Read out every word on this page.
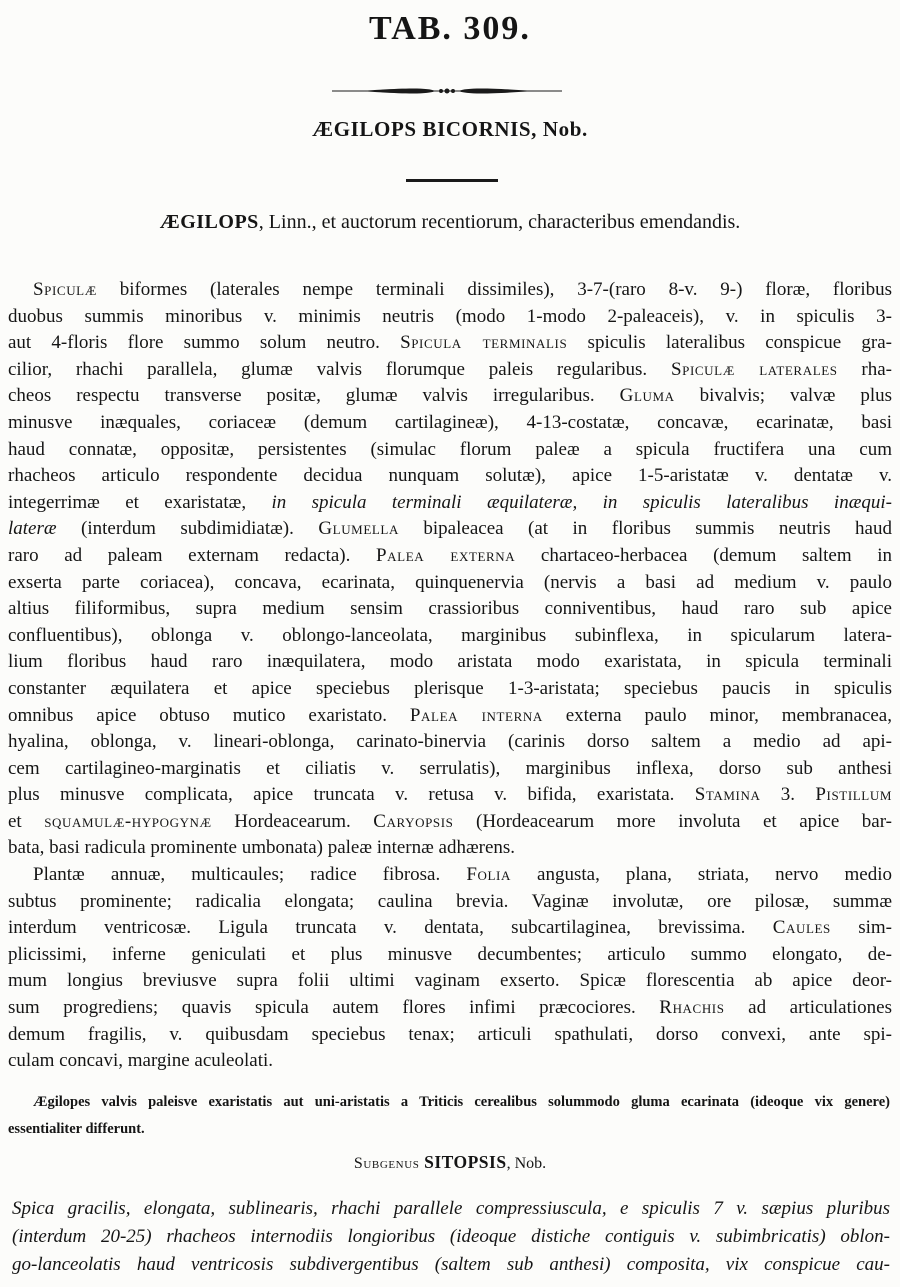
TAB. 309.
ÆGILOPS BICORNIS, Nob.

ÆGILOPS, Linn., et auctorum recentiorum, characteribus emendandis.

Spiculæ biformes (laterales nempe terminali dissimiles), 3-7-(raro 8-v. 9-) floræ, floribus
duobus summis minoribus v. minimis neutris (modo 1-modo 2-paleaceis), v. in spiculis 3-
aut 4-floris flore summo solum neutro. Spicula terminalis spiculis lateralibus conspicue gra-
cilior, rhachi parallela, glumæ valvis florumque paleis regularibus. Spiculæ laterales rha-
cheos respectu transverse positæ, glumæ valvis irregularibus. Gluma bivalvis; valvæ plus
minusve inæquales, coriaceæ (demum cartilagineæ), 4-13-costatæ, concavæ, ecarinatæ, basi
haud connatæ, oppositæ, persistentes (simulac florum paleæ a spicula fructifera una cum
rhacheos articulo respondente decidua nunquam solutæ), apice 1-5-aristatæ v. dentatæ v.
integerrimæ et exaristatæ, in spicula terminali æquilateræ, in spiculis lateralibus inæqui-
lateræ (interdum subdimidiatæ). Glumella bipaleacea (at in floribus summis neutris haud
raro ad paleam externam redacta). Palea externa chartaceo-herbacea (demum saltem in
exserta parte coriacea), concava, ecarinata, quinquenervia (nervis a basi ad medium v. paulo
altius filiformibus, supra medium sensim crassioribus conniventibus, haud raro sub apice
confluentibus), oblonga v. oblongo-lanceolata, marginibus subinflexa, in spicularum latera-
lium floribus haud raro inæquilatera, modo aristata modo exaristata, in spicula terminali
constanter æquilatera et apice speciebus plerisque 1-3-aristata; speciebus paucis in spiculis
omnibus apice obtuso mutico exaristato. Palea interna externa paulo minor, membranacea,
hyalina, oblonga, v. lineari-oblonga, carinato-binervia (carinis dorso saltem a medio ad api-
cem cartilagineo-marginatis et ciliatis v. serrulatis), marginibus inflexa, dorso sub anthesi
plus minusve complicata, apice truncata v. retusa v. bifida, exaristata. Stamina 3. Pistillum
et squamulæ-hypogynæ Hordeacearum. Caryopsis (Hordeacearum more involuta et apice bar-
bata, basi radicula prominente umbonata) paleæ internæ adhærens.
Plantæ annuæ, multicaules; radice fibrosa. Folia angusta, plana, striata, nervo medio
subtus prominente; radicalia elongata; caulina brevia. Vaginæ involutæ, ore pilosæ, summæ
interdum ventricosæ. Ligula truncata v. dentata, subcartilaginea, brevissima. Caules sim-
plicissimi, inferne geniculati et plus minusve decumbentes; articulo summo elongato, de-
mum longius breviusve supra folii ultimi vaginam exserto. Spicæ florescentia ab apice deor-
sum progrediens; quavis spicula autem flores infimi præcociores. Rhachis ad articulationes
demum fragilis, v. quibusdam speciebus tenax; articuli spathulati, dorso convexi, ante spi-
culam concavi, margine aculeolati.
Ægilopes valvis paleisve exaristatis aut uni-aristatis a Triticis cerealibus solummodo gluma ecarinata (ideoque vix genere)
essentialiter differunt.

Subgenus SITOPSIS, Nob.

Spica gracilis, elongata, sublinearis, rhachi parallele compressiuscula, e spiculis 7 v. sæpius pluribus
(interdum 20-25) rhacheos internodiis longioribus (ideoque distiche contiguis v. subimbricatis) oblon-
go-lanceolatis haud ventricosis subdivergentibus (saltem sub anthesi) composita, vix conspicue cau-
